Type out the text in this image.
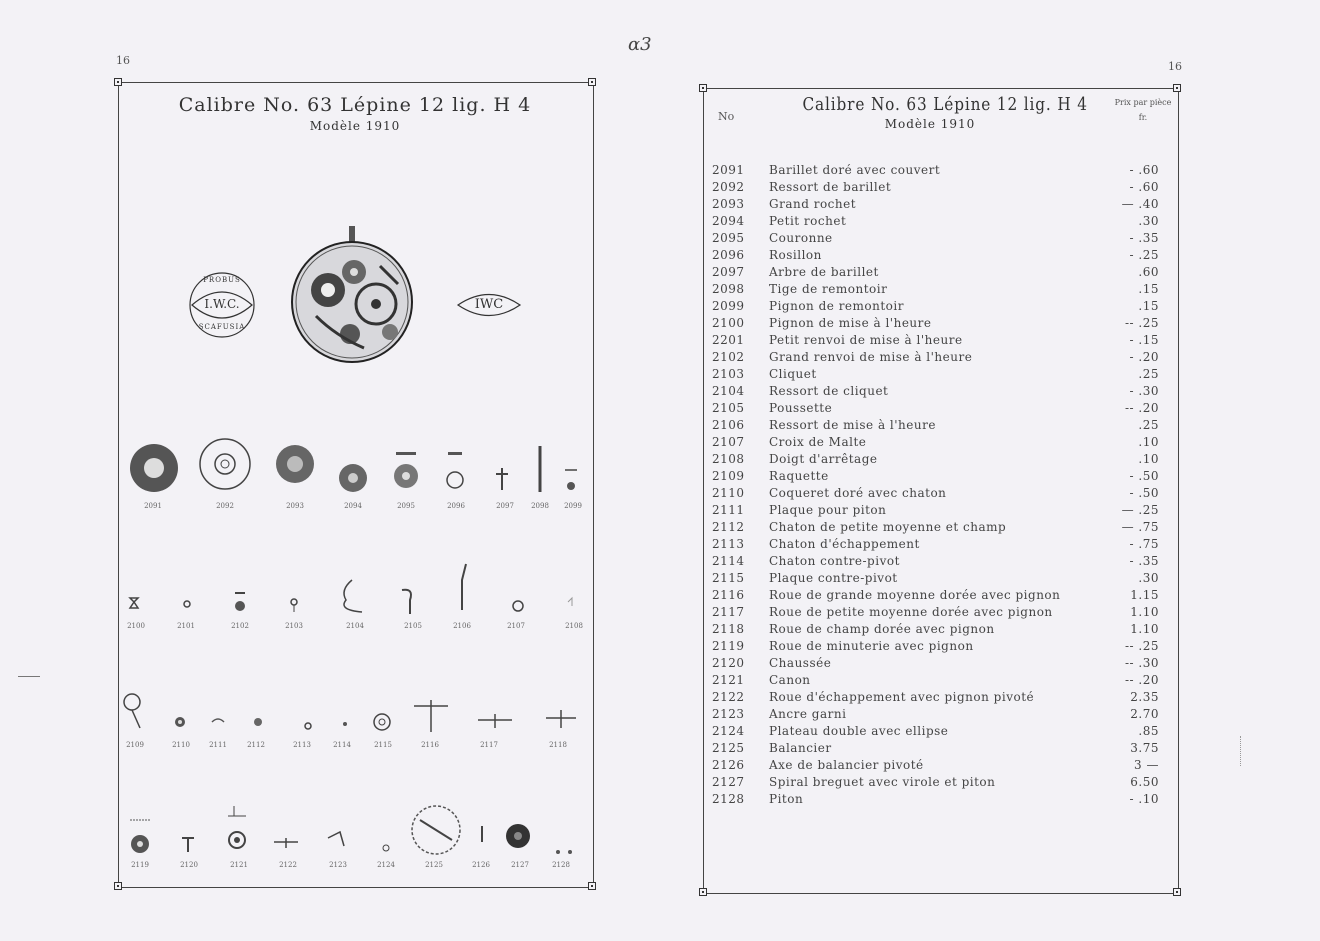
ɑ3
16
Calibre No. 63 Lépine 12 lig. H 4
Modèle 1910
PROBUS
I.W.C.
SCAFUSIA
IWC
2091	2092	2093	2094	2095	2096	2097	2098	2099
2100	2101	2102	2103	2104	2105	2106	2107	2108
2109	2110	2111	2112	2113	2114	2115	2116	2117	2118
2119	2120	2121	2122	2123	2124	2125	2126	2127	2128
16
No
Calibre No. 63 Lépine 12 lig. H 4
Modèle 1910
Prix par pièce
fr.
2091	Barillet doré avec couvert	- .60
2092	Ressort de barillet	- .60
2093	Grand rochet	— .40
2094	Petit rochet	.30
2095	Couronne	- .35
2096	Rosillon	- .25
2097	Arbre de barillet	.60
2098	Tige de remontoir	.15
2099	Pignon de remontoir	.15
2100	Pignon de mise à l'heure	-- .25
2201	Petit renvoi de mise à l'heure	- .15
2102	Grand renvoi de mise à l'heure	- .20
2103	Cliquet	.25
2104	Ressort de cliquet	- .30
2105	Poussette	-- .20
2106	Ressort de mise à l'heure	.25
2107	Croix de Malte	.10
2108	Doigt d'arrêtage	.10
2109	Raquette	- .50
2110	Coqueret doré avec chaton	- .50
2111	Plaque pour piton	— .25
2112	Chaton de petite moyenne et champ	— .75
2113	Chaton d'échappement	- .75
2114	Chaton contre-pivot	- .35
2115	Plaque contre-pivot	.30
2116	Roue de grande moyenne dorée avec pignon	1.15
2117	Roue de petite moyenne dorée avec pignon	1.10
2118	Roue de champ dorée avec pignon	1.10
2119	Roue de minuterie avec pignon	-- .25
2120	Chaussée	-- .30
2121	Canon	-- .20
2122	Roue d'échappement avec pignon pivoté	2.35
2123	Ancre garni	2.70
2124	Plateau double avec ellipse	.85
2125	Balancier	3.75
2126	Axe de balancier pivoté	3 —
2127	Spiral breguet avec virole et piton	6.50
2128	Piton	- .10
